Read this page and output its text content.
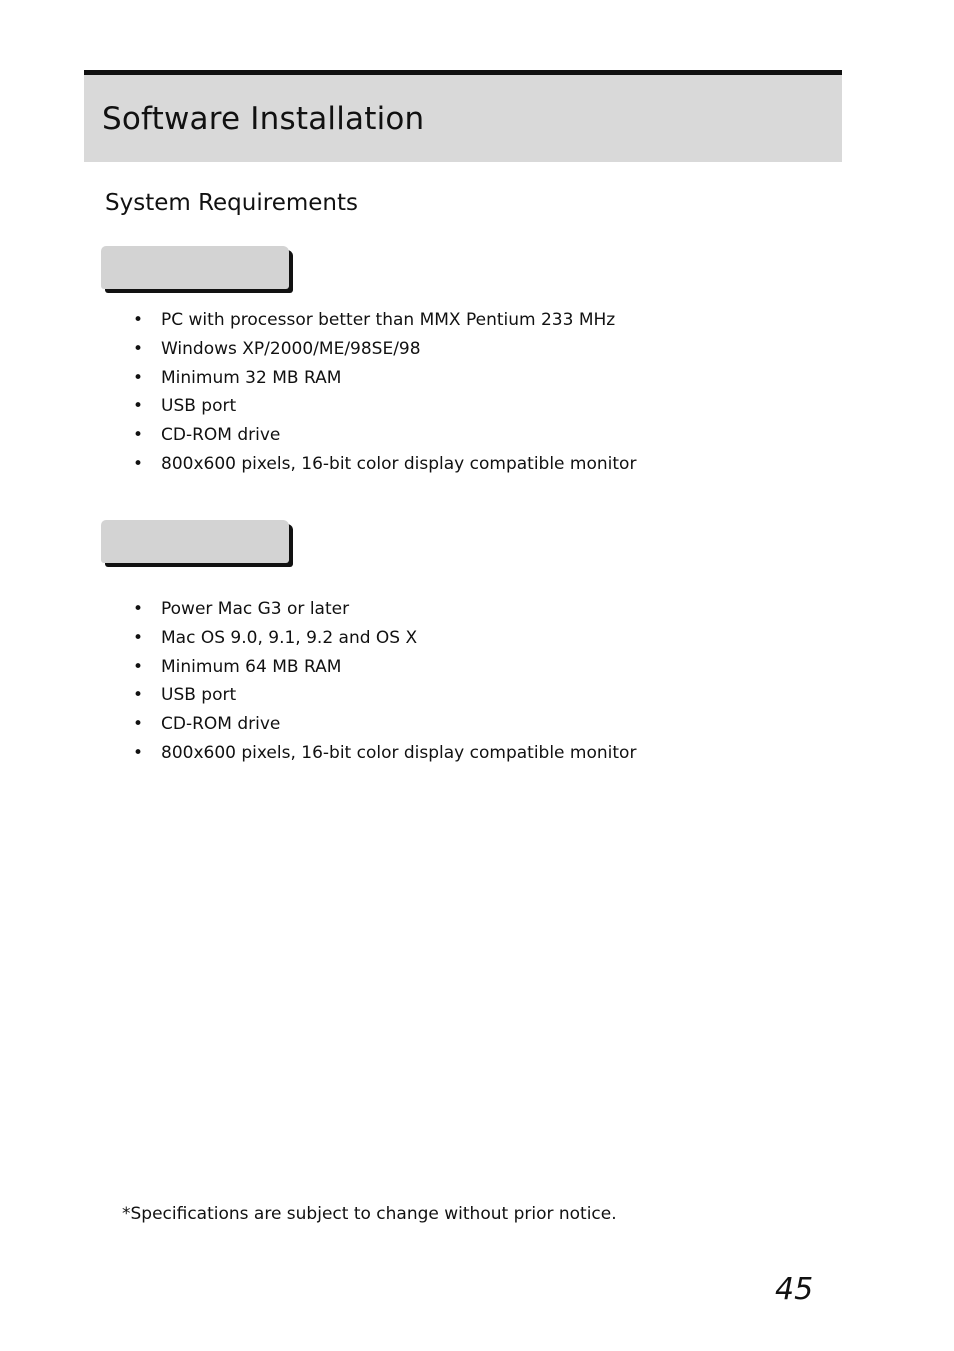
Software Installation
System Requirements
• PC with processor better than MMX Pentium 233 MHz
• Windows XP/2000/ME/98SE/98
• Minimum 32 MB RAM
• USB port
• CD-ROM drive
• 800x600 pixels, 16-bit color display compatible monitor
• Power Mac G3 or later
• Mac OS 9.0, 9.1, 9.2 and OS X
• Minimum 64 MB RAM
• USB port
• CD-ROM drive
• 800x600 pixels, 16-bit color display compatible monitor
*Specifications are subject to change without prior notice.
45
